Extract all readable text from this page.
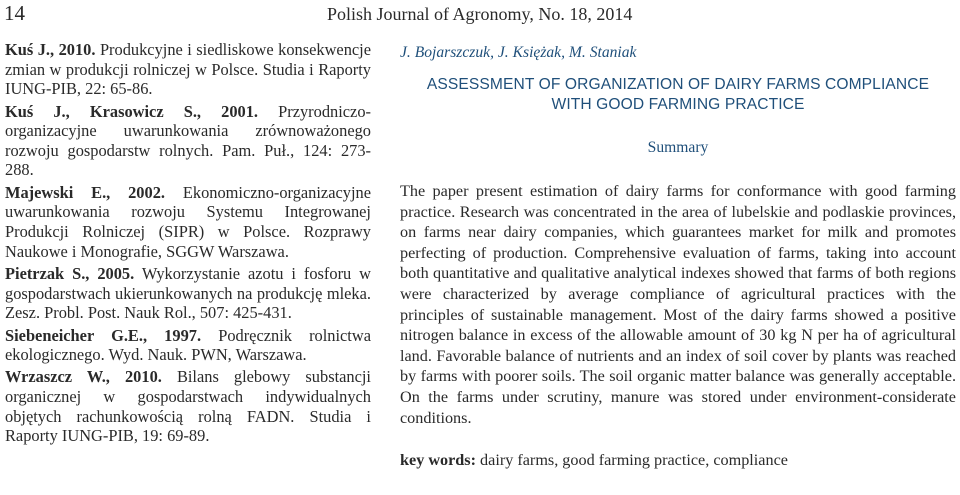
14	Polish Journal of Agronomy, No. 18, 2014

Kuś J., 2010. Produkcyjne i siedliskowe konsekwencje zmian w produkcji rolniczej w Polsce. Studia i Raporty IUNG-PIB, 22: 65-86.

Kuś J., Krasowicz S., 2001. Przyrodniczo-organizacyjne uwarunkowania zrównoważonego rozwoju gospodarstw rolnych. Pam. Puł., 124: 273-288.

Majewski E., 2002. Ekonomiczno-organizacyjne uwarunkowania rozwoju Systemu Integrowanej Produkcji Rolniczej (SIPR) w Polsce. Rozprawy Naukowe i Monografie, SGGW Warszawa.

Pietrzak S., 2005. Wykorzystanie azotu i fosforu w gospodarstwach ukierunkowanych na produkcję mleka. Zesz. Probl. Post. Nauk Rol., 507: 425-431.

Siebeneicher G.E., 1997. Podręcznik rolnictwa ekologicznego. Wyd. Nauk. PWN, Warszawa.

Wrzaszcz W., 2010. Bilans glebowy substancji organicznej w gospodarstwach indywidualnych objętych rachunkowością rolną FADN. Studia i Raporty IUNG-PIB, 19: 69-89.

J. Bojarszczuk, J. Księżak, M. Staniak
ASSESSMENT OF ORGANIZATION OF DAIRY FARMS COMPLIANCE
WITH GOOD FARMING PRACTICE
Summary
The paper present estimation of dairy farms for conformance with good farming practice. Research was concentrated in the area of lubelskie and podlaskie provinces, on farms near dairy companies, which guarantees market for milk and promotes perfecting of production. Comprehensive evaluation of farms, taking into account both quantitative and qualitative analytical indexes showed that farms of both regions were characterized by average compliance of agricultural practices with the principles of sustainable management. Most of the dairy farms showed a positive nitrogen balance in excess of the allowable amount of 30 kg N per ha of agricultural land. Favorable balance of nutrients and an index of soil cover by plants was reached by farms with poorer soils. The soil organic matter balance was generally acceptable. On the farms under scrutiny, manure was stored under environment-considerate conditions.
key words: dairy farms, good farming practice, compliance
